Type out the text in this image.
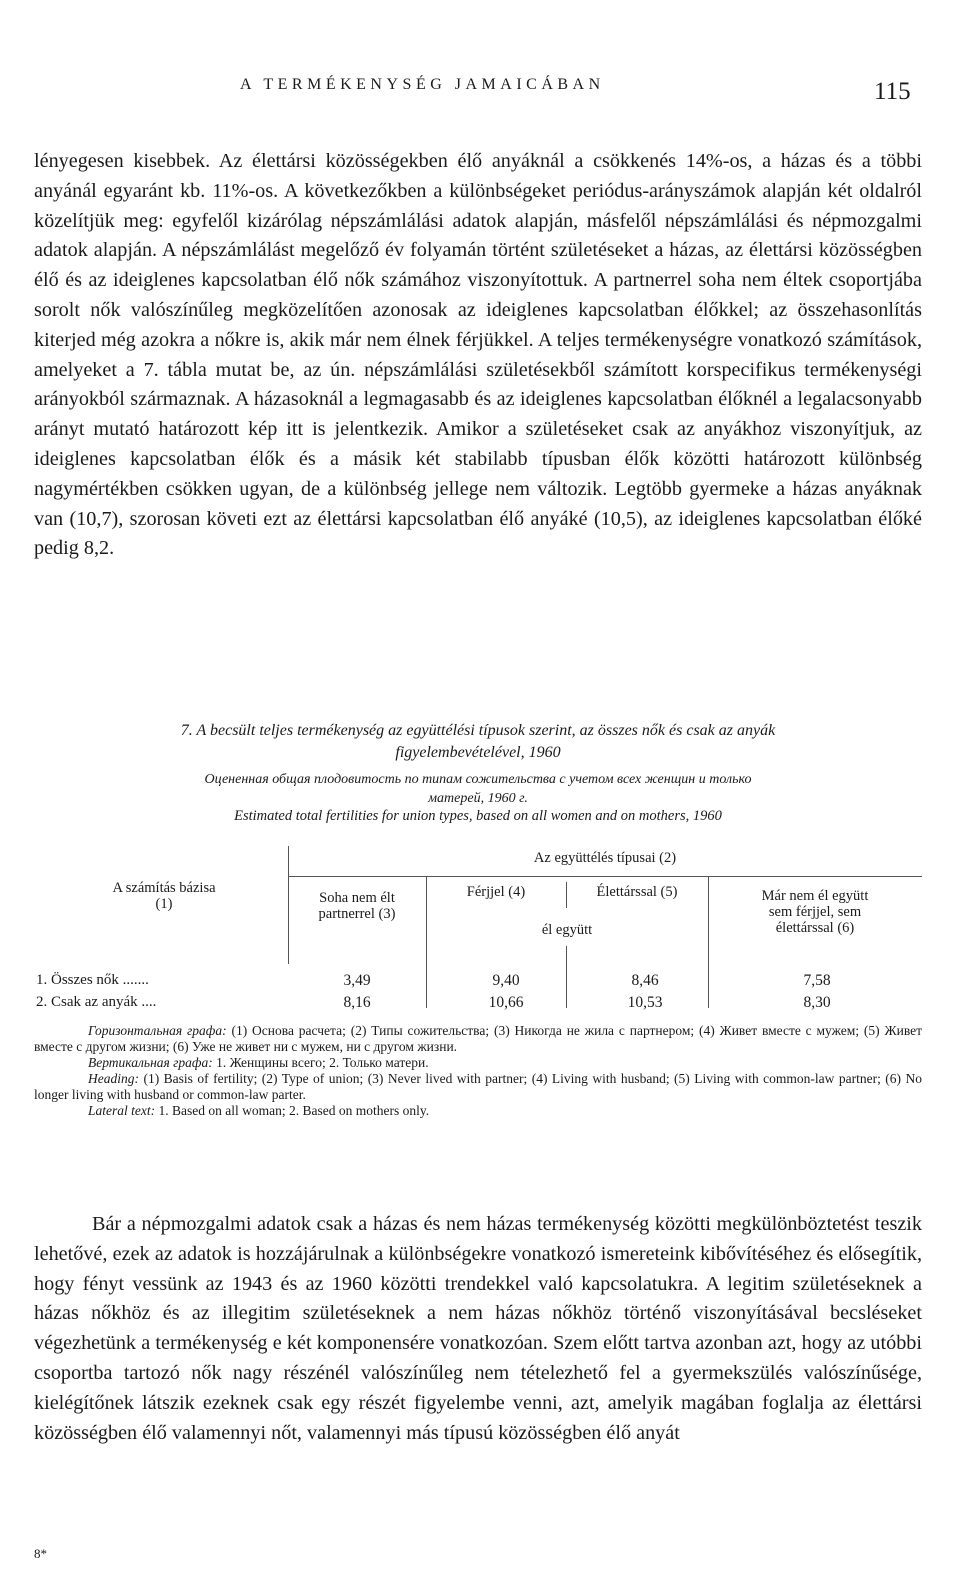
A TERMÉKENYSÉG JAMAICÁBAN	115

lényegesen kisebbek. Az élettársi közösségekben élő anyáknál a csökkenés 14%-os, a házas és a többi anyánál egyaránt kb. 11%-os. A következőkben a különbségeket periódus-arányszámok alapján két oldalról közelítjük meg: egyfelől kizárólag népszámlálási adatok alapján, másfelől népszámlálási és népmozgalmi adatok alapján. A népszámlálást megelőző év folyamán történt születéseket a házas, az élettársi közösségben élő és az ideiglenes kapcsolatban élő nők számához viszonyítottuk. A partnerrel soha nem éltek csoportjába sorolt nők valószínűleg megközelítően azonosak az ideiglenes kapcsolatban élőkkel; az összehasonlítás kiterjed még azokra a nőkre is, akik már nem élnek férjükkel. A teljes termékenységre vonatkozó számítások, amelyeket a 7. tábla mutat be, az ún. népszámlálási születésekből számított korspecifikus termékenységi arányokból származnak. A házasoknál a legmagasabb és az ideiglenes kapcsolatban élőknél a legalacsonyabb arányt mutató határozott kép itt is jelentkezik. Amikor a születéseket csak az anyákhoz viszonyítjuk, az ideiglenes kapcsolatban élők és a másik két stabilabb típusban élők közötti határozott különbség nagymértékben csökken ugyan, de a különbség jellege nem változik. Legtöbb gyermeke a házas anyáknak van (10,7), szorosan követi ezt az élettársi kapcsolatban élő anyáké (10,5), az ideiglenes kapcsolatban élőké pedig 8,2.

7. A becsült teljes termékenység az együttélési típusok szerint, az összes nők és csak az anyák
figyelembevételével, 1960
Оцененная общая плодовитость по типам сожительства с учетом всех женщин и только
матерей, 1960 г.
Estimated total fertilities for union types, based on all women and on mothers, 1960
A számítás bázisa
(1)
Az együttélés típusai (2)
Soha nem élt
partnerrel (3)
Férjjel (4)	Élettárssal (5)
él együtt
Már nem él együtt
sem férjjel, sem
élettárssal (6)
1. Összes nők .......	3,49	9,40	8,46	7,58
2. Csak az anyák ....	8,16	10,66	10,53	8,30

Горизонтальная графа: (1) Основа расчета; (2) Типы сожительства; (3) Никогда не жила с партнером; (4) Живет вместе с мужем; (5) Живет вместе с другом жизни; (6) Уже не живет ни с мужем, ни с другом жизни.

Вертикальная графа: 1. Женщины всего; 2. Только матери.

Heading: (1) Basis of fertility; (2) Type of union; (3) Never lived with partner; (4) Living with husband; (5) Living with common-law partner; (6) No longer living with husband or common-law parter.

Lateral text: 1. Based on all woman; 2. Based on mothers only.

Bár a népmozgalmi adatok csak a házas és nem házas termékenység közötti megkülönböztetést teszik lehetővé, ezek az adatok is hozzájárulnak a különbségekre vonatkozó ismereteink kibővítéséhez és elősegítik, hogy fényt vessünk az 1943 és az 1960 közötti trendekkel való kapcsolatukra. A legitim születéseknek a házas nőkhöz és az illegitim születéseknek a nem házas nőkhöz történő viszonyításával becsléseket végezhetünk a termékenység e két komponensére vonatkozóan. Szem előtt tartva azonban azt, hogy az utóbbi csoportba tartozó nők nagy részénél valószínűleg nem tételezhető fel a gyermekszülés valószínűsége, kielégítőnek látszik ezeknek csak egy részét figyelembe venni, azt, amelyik magában foglalja az élettársi közösségben élő valamennyi nőt, valamennyi más típusú közösségben élő anyát

8*
